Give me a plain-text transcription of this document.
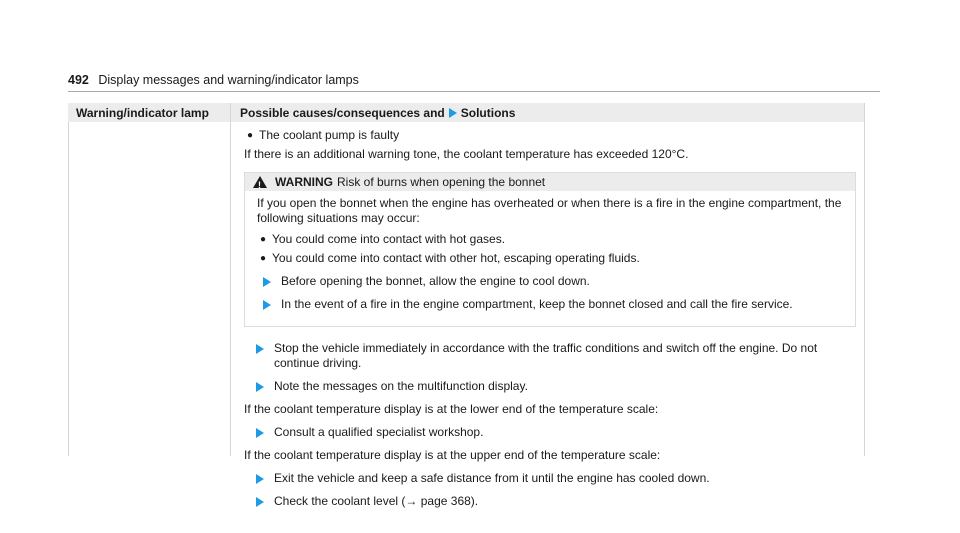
492 Display messages and warning/indicator lamps
Warning/indicator lamp	Possible causes/consequences and Solutions
● The coolant pump is faulty

If there is an additional warning tone, the coolant temperature has exceeded 120°C.

!
WARNING Risk of burns when opening the bonnet

If you open the bonnet when the engine has overheated or when there is a fire in the engine compartment, the following situations may occur:

● You could come into contact with hot gases.
● You could come into contact with other hot, escaping operating fluids.
Before opening the bonnet, allow the engine to cool down.
In the event of a fire in the engine compartment, keep the bonnet closed and call the fire service.
Stop the vehicle immediately in accordance with the traffic conditions and switch off the engine. Do not continue driving.
Note the messages on the multifunction display.

If the coolant temperature display is at the lower end of the temperature scale:

Consult a qualified specialist workshop.

If the coolant temperature display is at the upper end of the temperature scale:

Exit the vehicle and keep a safe distance from it until the engine has cooled down.
Check the coolant level (→ page 368).
